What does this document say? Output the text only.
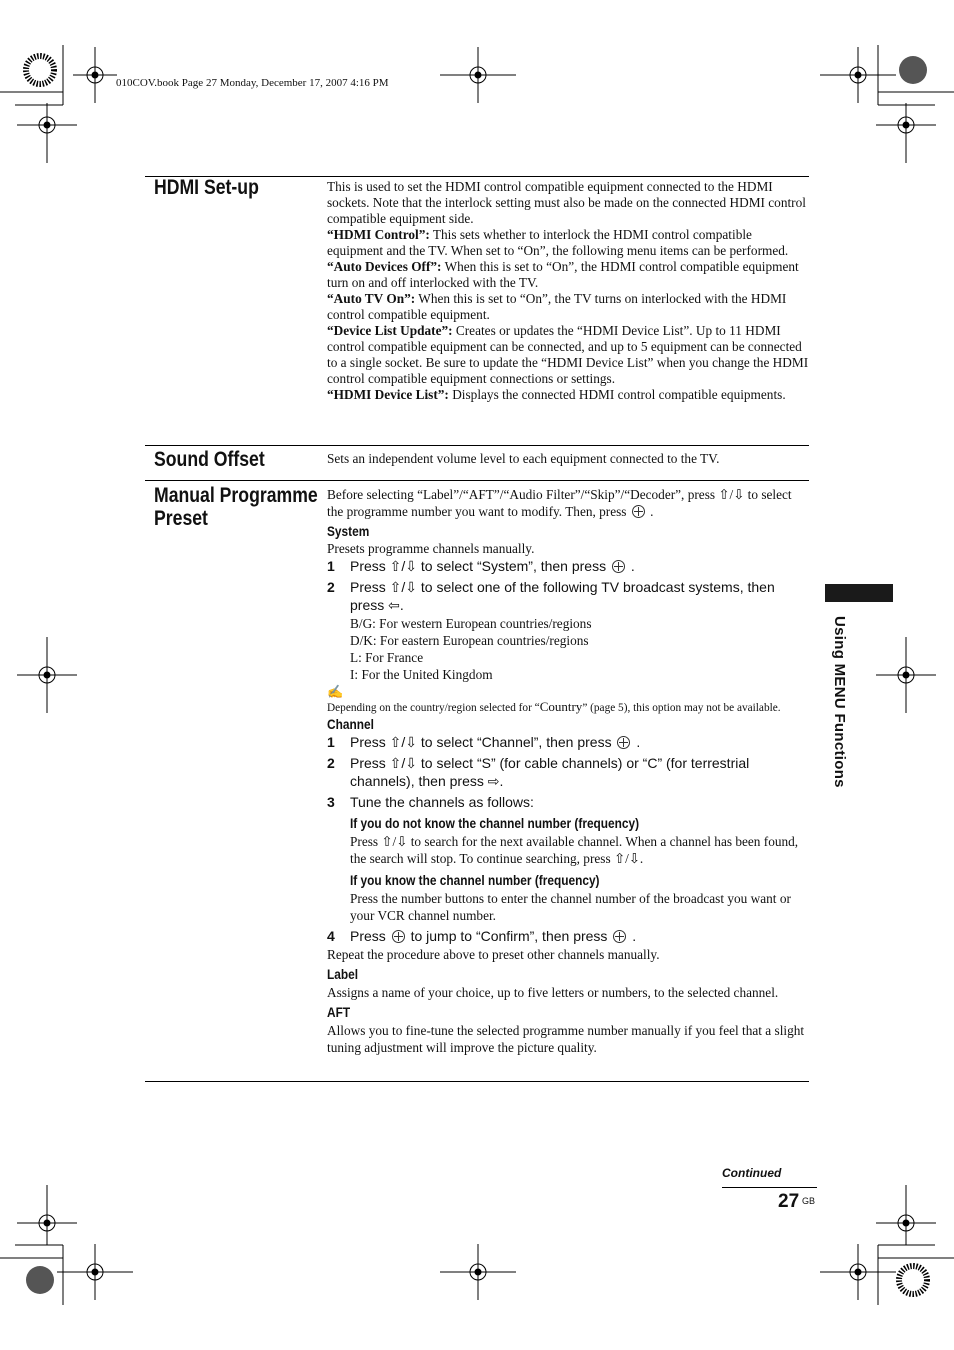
010COV.book Page 27 Monday, December 17, 2007 4:16 PM
HDMI Set-up	This is used to set the HDMI control compatible equipment connected to the HDMI sockets. Note that the interlock setting must also be made on the connected HDMI control compatible equipment side.

“HDMI Control”: This sets whether to interlock the HDMI control compatible equipment and the TV. When set to “On”, the following menu items can be performed.

“Auto Devices Off”: When this is set to “On”, the HDMI control compatible equipment turn on and off interlocked with the TV.

“Auto TV On”: When this is set to “On”, the TV turns on interlocked with the HDMI control compatible equipment.

“Device List Update”: Creates or updates the “HDMI Device List”. Up to 11 HDMI control compatible equipment can be connected, and up to 5 equipment can be connected to a single socket. Be sure to update the “HDMI Device List” when you change the HDMI control compatible equipment connections or settings.

“HDMI Device List”: Displays the connected HDMI control compatible equipments.

Sound Offset	Sets an independent volume level to each equipment connected to the TV.

Manual Programme
Preset

Before selecting “Label”/“AFT”/“Audio Filter”/“Skip”/“Decoder”, press ⇧/⇩ to select the programme number you want to modify. Then, press .

System

Presets programme channels manually.

1 Press ⇧/⇩ to select “System”, then press .
2 Press ⇧/⇩ to select one of the following TV broadcast systems, then press ⇦.
B/G: For western European countries/regions
D/K: For eastern European countries/regions
L: For France
I: For the United Kingdom
✍

Depending on the country/region selected for “Country” (page 5), this option may not be available.

Channel
1 Press ⇧/⇩ to select “Channel”, then press .
2 Press ⇧/⇩ to select “S” (for cable channels) or “C” (for terrestrial channels), then press ⇨.
3 Tune the channels as follows:
If you do not know the channel number (frequency)

Press ⇧/⇩ to search for the next available channel. When a channel has been found, the search will stop. To continue searching, press ⇧/⇩.

If you know the channel number (frequency)

Press the number buttons to enter the channel number of the broadcast you want or your VCR channel number.

4 Press to jump to “Confirm”, then press .

Repeat the procedure above to preset other channels manually.

Label

Assigns a name of your choice, up to five letters or numbers, to the selected channel.

AFT

Allows you to fine-tune the selected programme number manually if you feel that a slight tuning adjustment will improve the picture quality.

Using MENU Functions
Continued
27 GB
